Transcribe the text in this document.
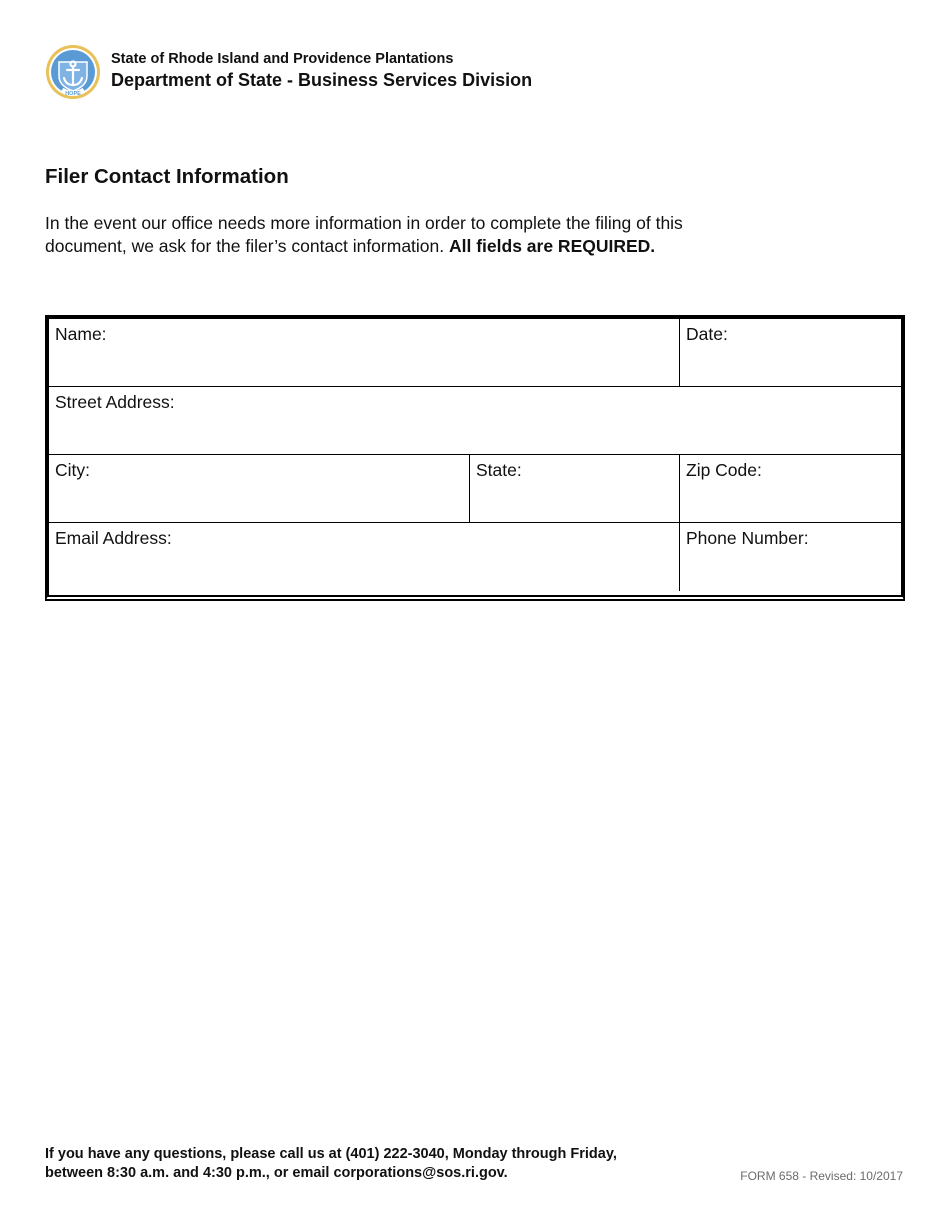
HOPE
State of Rhode Island and Providence Plantations
Department of State - Business Services Division
Filer Contact Information

In the event our office needs more information in order to complete the filing of this document, we ask for the filer’s contact information. All fields are REQUIRED.

Name:	Date:
Street Address:
City:	State:	Zip Code:
Email Address:	Phone Number:

If you have any questions, please call us at (401) 222-3040, Monday through Friday,
between 8:30 a.m. and 4:30 p.m., or email corporations@sos.ri.gov.	FORM 658 - Revised: 10/2017
